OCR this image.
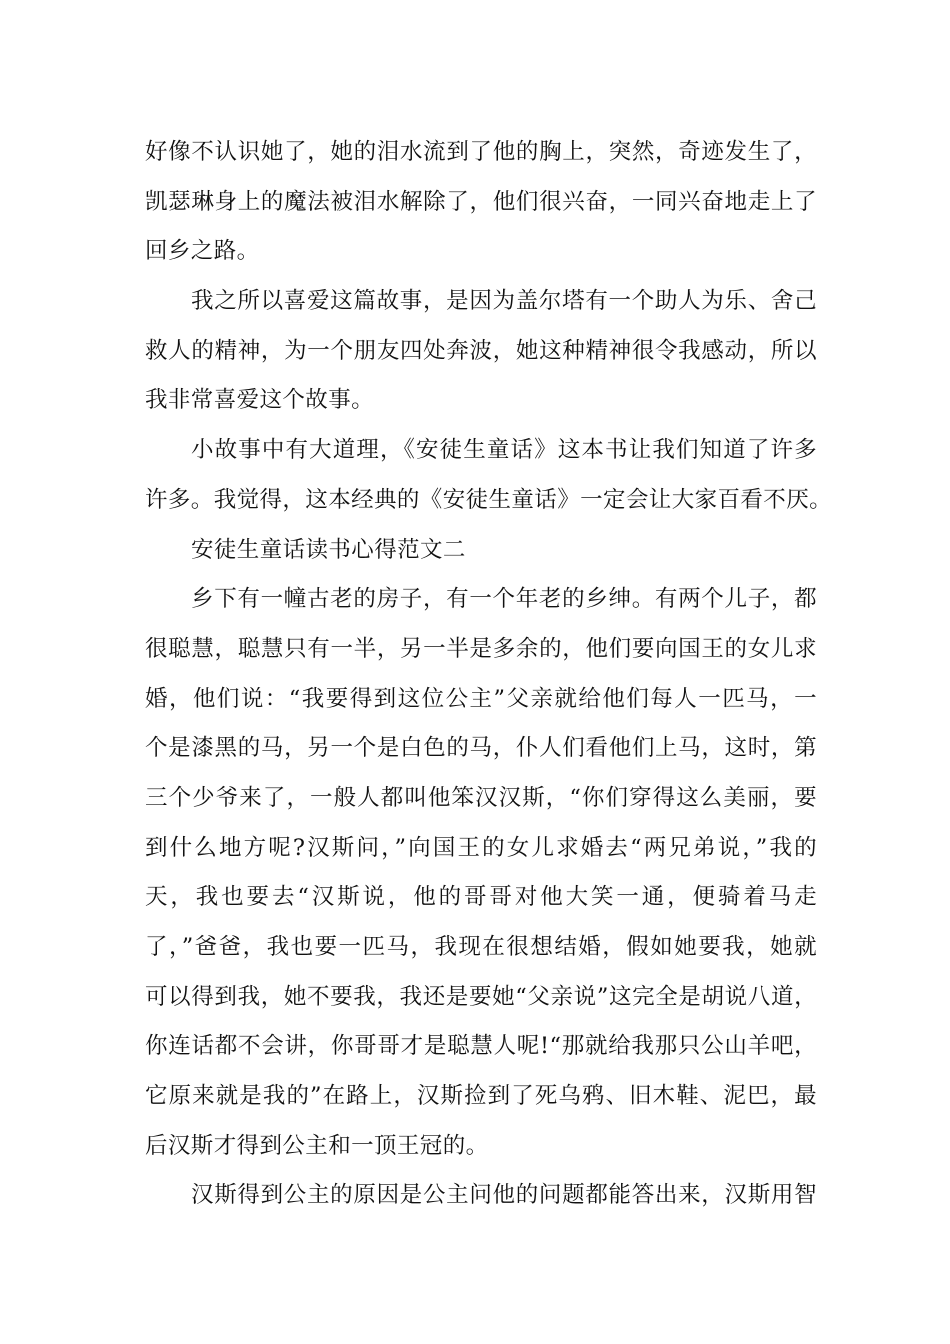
好像不认识她了，她的泪水流到了他的胸上，突然，奇迹发生了，
凯瑟琳身上的魔法被泪水解除了，他们很兴奋，一同兴奋地走上了
回乡之路。
我之所以喜爱这篇故事，是因为盖尔塔有一个助人为乐、舍己
救人的精神，为一个朋友四处奔波，她这种精神很令我感动，所以
我非常喜爱这个故事。
小故事中有大道理，《安徒生童话》这本书让我们知道了许多
许多。我觉得，这本经典的《安徒生童话》一定会让大家百看不厌。
安徒生童话读书心得范文二
乡下有一幢古老的房子，有一个年老的乡绅。有两个儿子，都
很聪慧，聪慧只有一半，另一半是多余的，他们要向国王的女儿求
婚，他们说：“我要得到这位公主”父亲就给他们每人一匹马，一
个是漆黑的马，另一个是白色的马，仆人们看他们上马，这时，第
三个少爷来了，一般人都叫他笨汉汉斯，“你们穿得这么美丽，要
到什么地方呢?汉斯问，”向国王的女儿求婚去“两兄弟说，”我的
天，我也要去“汉斯说，他的哥哥对他大笑一通，便骑着马走
了，”爸爸，我也要一匹马，我现在很想结婚，假如她要我，她就
可以得到我，她不要我，我还是要她“父亲说”这完全是胡说八道，
你连话都不会讲，你哥哥才是聪慧人呢!“那就给我那只公山羊吧，
它原来就是我的”在路上，汉斯捡到了死乌鸦、旧木鞋、泥巴，最
后汉斯才得到公主和一顶王冠的。
汉斯得到公主的原因是公主问他的问题都能答出来，汉斯用智
